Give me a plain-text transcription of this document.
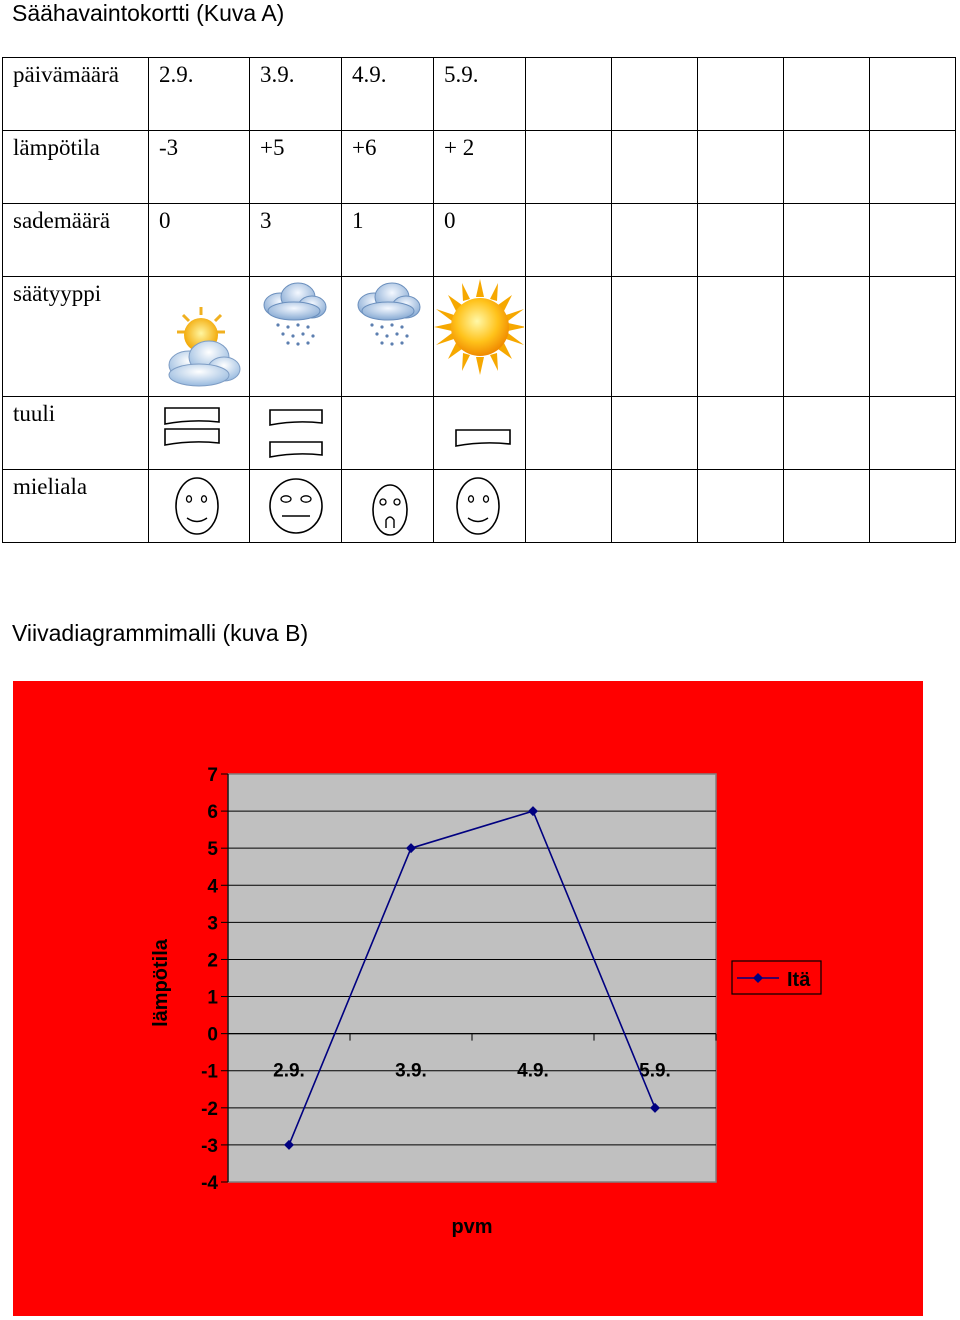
Säähavaintokortti (Kuva A)
päivämäärä	2.9.	3.9.	4.9.	5.9.					

lämpötila	-3	+5	+6	+ 2					

sademäärä	0	3	1	0					

säätyyppi

tuuli

mieliala

Viivadiagrammimalli (kuva B)
7
6
5
4
3
2
1
0
-1
-2
-3
-4
2.9.	3.9.	4.9.	5.9.
lämpötila
pvm
Itä
